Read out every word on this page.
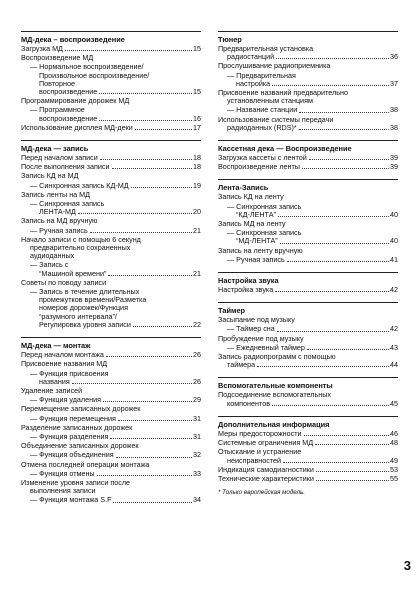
МД-дека – воспроизведение
Загрузка МД	15
Воспроизведение МД
— Нормальное воспроизведение/
Произвольное воспроизведение/
Повторное
воспроизведение	15
Программирование дорожек МД
— Программное
воспроизведение	16
Использование дисплея МД-деки	17
МД-дека — запись
Перед началом записи	18
После выполнения записи	18
Запись КД на МД
— Синхронная запись КД-МД	19
Запись ленты на МД
— Синхронная запись
ЛЕНТА-МД	20
Запись на МД вручную
— Ручная запись	21
Начало записи с помощью 6 секунд
предварительно сохраненных
аудиоданных
— Запись с
“Машиной времени”	21
Советы по поводу записи
— Запись в течение длительных
промежутков времени/Разметка
номеров дорожек/Функция
“разумного интервала”/
Регулировка уровня записи	22
МД-дека — монтаж
Перед началом монтажа	26
Присвоение названия МД
— Функция присвоения
названия	26
Удаление записей
— Функция удаления	29
Перемещение записанных дорожек
— Функция перемещения	31
Разделение записанных дорожек
— Функция разделения	31
Объединение записанных дорожек
— Функция объединения	32
Отмена последней операции монтажа
— Функция отмены	33
Изменение уровня записи после
выполнения записи
— Функция монтажа S.F	34
Тюнер
Предварительная установка
радиостанций	36
Прослушивание радиоприемника
— Предварительная
настройка	37
Присвоение названий предварительно
установленным станциям
— Название станции	38
Использование системы передачи
радиоданных (RDS)*	38
Кассетная дека — Воспроизведение
Загрузка кассеты с лентой	39
Воспроизведение ленты	39
Лента-Запись
Запись КД на ленту
— Синхронная запись
“КД-ЛЕНТА”	40
Запись МД на ленту
— Синхронная запись
“МД-ЛЕНТА”	40
Запись на ленту вручную
— Ручная запись	41
Настройка звука
Настройка звука	42
Таймер
Засыпание под музыку
— Таймер сна	42
Пробуждение под музыку
— Ежедневный таймер	43
Запись радиопрограмм с помощью
таймера	44
Вспомогательные компоненты
Подсоединение вспомогательных
компонентов	45
Дополнительная информация
Меры предосторожности	46
Системные ограничения МД	48
Отыскание и устранение
неисправностей	49
Индикация самодиагностики	53
Технические характеристики	55
* Только европейская модель.
3
